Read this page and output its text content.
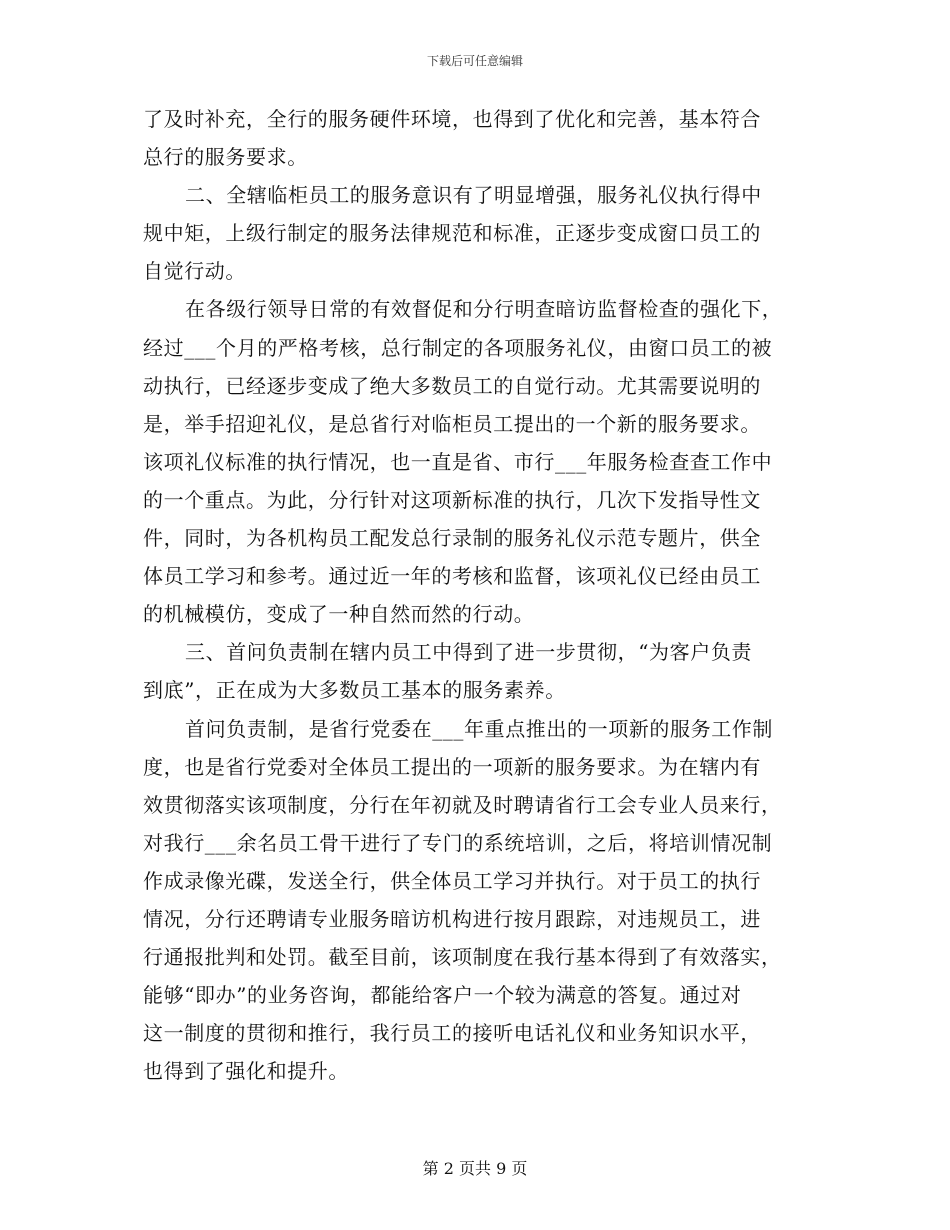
下载后可任意编辑

了及时补充，全行的服务硬件环境，也得到了优化和完善，基本符合
总行的服务要求。

二、全辖临柜员工的服务意识有了明显增强，服务礼仪执行得中
规中矩，上级行制定的服务法律规范和标准，正逐步变成窗口员工的
自觉行动。

在各级行领导日常的有效督促和分行明查暗访监督检查的强化下，
经过___个月的严格考核，总行制定的各项服务礼仪，由窗口员工的被
动执行，已经逐步变成了绝大多数员工的自觉行动。尤其需要说明的
是，举手招迎礼仪，是总省行对临柜员工提出的一个新的服务要求。
该项礼仪标准的执行情况，也一直是省、市行___年服务检查查工作中
的一个重点。为此，分行针对这项新标准的执行，几次下发指导性文
件，同时，为各机构员工配发总行录制的服务礼仪示范专题片，供全
体员工学习和参考。通过近一年的考核和监督，该项礼仪已经由员工
的机械模仿，变成了一种自然而然的行动。

三、首问负责制在辖内员工中得到了进一步贯彻，“为客户负责
到底”，正在成为大多数员工基本的服务素养。

首问负责制，是省行党委在___年重点推出的一项新的服务工作制
度，也是省行党委对全体员工提出的一项新的服务要求。为在辖内有
效贯彻落实该项制度，分行在年初就及时聘请省行工会专业人员来行，
对我行___余名员工骨干进行了专门的系统培训，之后，将培训情况制
作成录像光碟，发送全行，供全体员工学习并执行。对于员工的执行
情况，分行还聘请专业服务暗访机构进行按月跟踪，对违规员工，进
行通报批判和处罚。截至目前，该项制度在我行基本得到了有效落实，
能够“即办”的业务咨询，都能给客户一个较为满意的答复。通过对
这一制度的贯彻和推行，我行员工的接听电话礼仪和业务知识水平，
也得到了强化和提升。

第 2 页共 9 页
